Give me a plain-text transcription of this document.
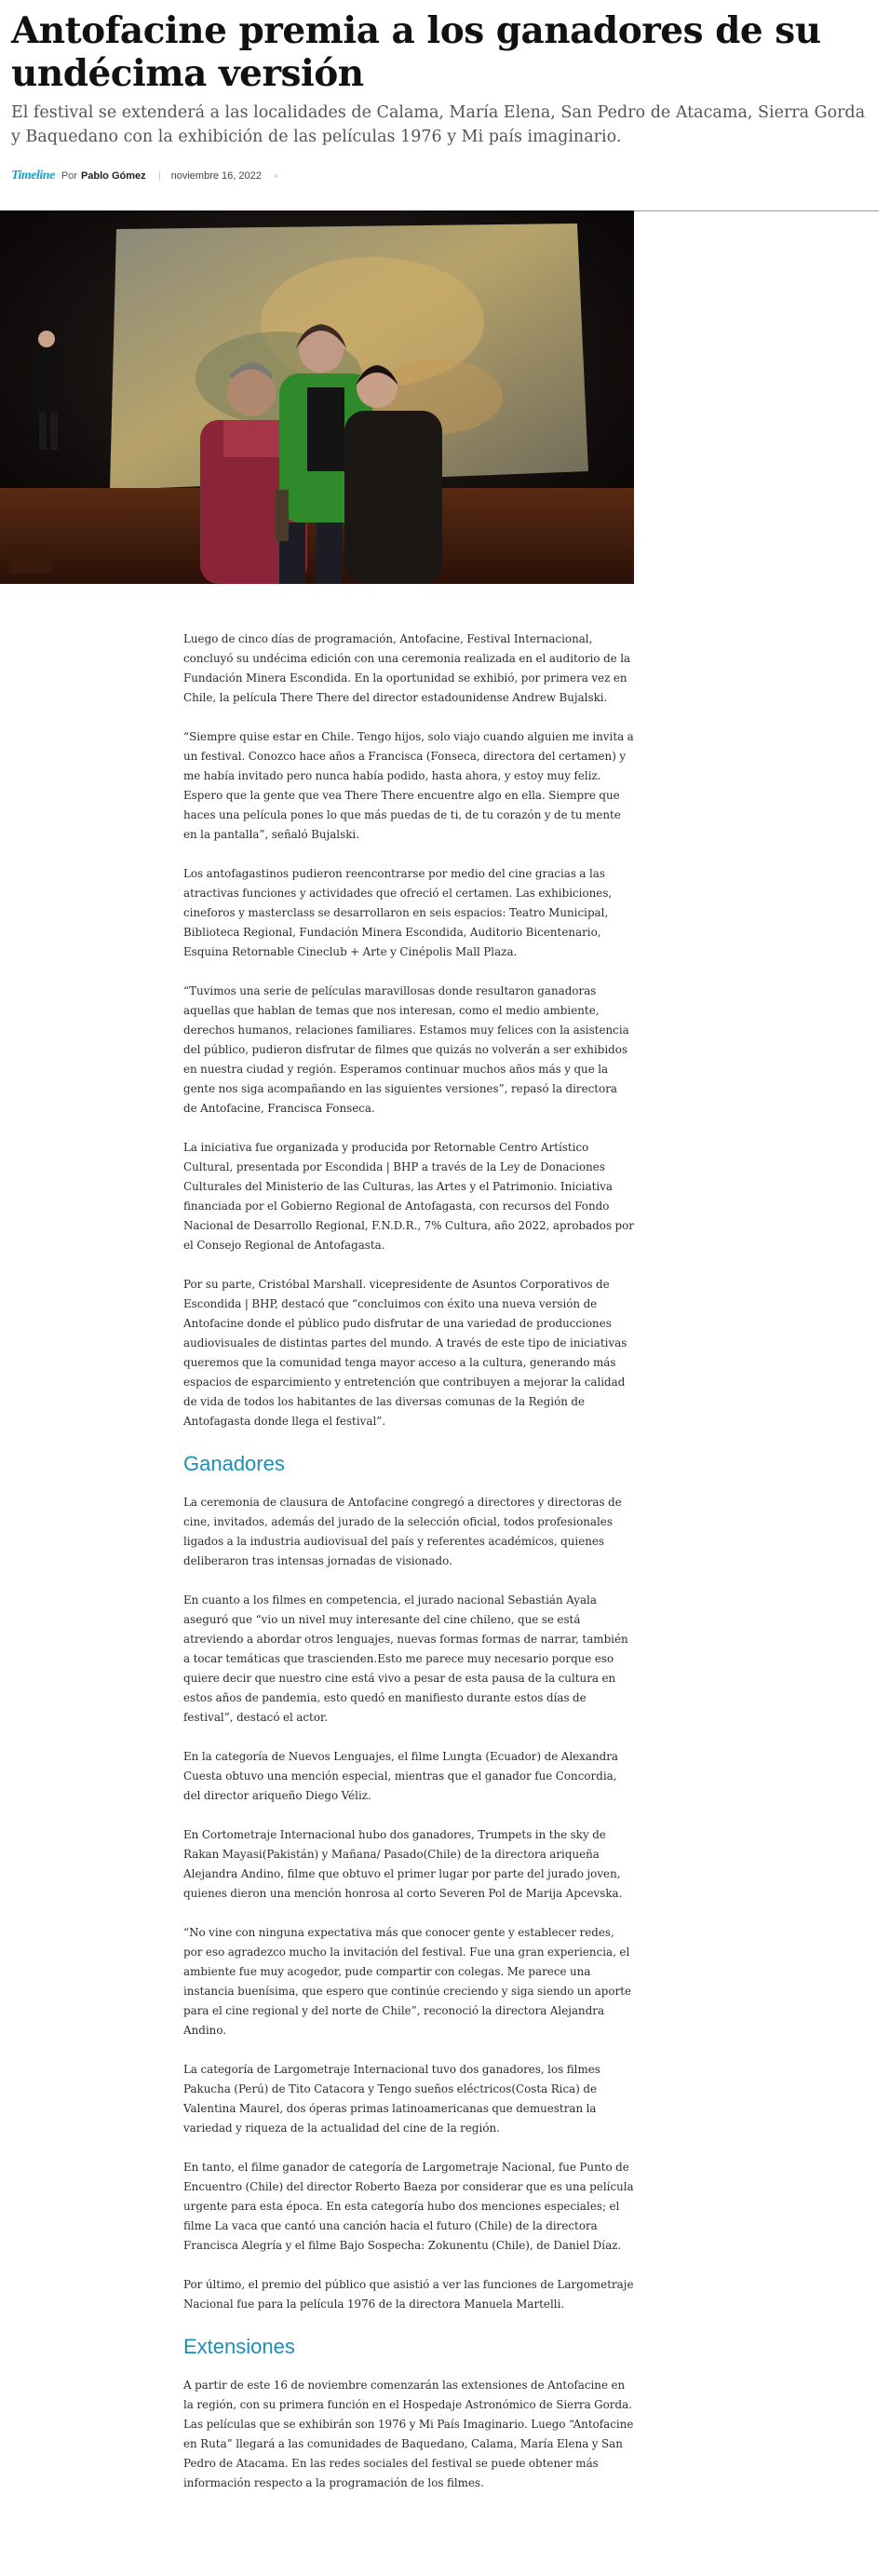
Antofacine premia a los ganadores de su undécima versión

El festival se extenderá a las localidades de Calama, María Elena, San Pedro de Atacama, Sierra Gorda y Baquedano con la exhibición de las películas 1976 y Mi país imaginario.

Timeline Por Pablo Gómez noviembre 16, 2022

Luego de cinco días de programación, Antofacine, Festival Internacional, concluyó su undécima edición con una ceremonia realizada en el auditorio de la Fundación Minera Escondida. En la oportunidad se exhibió, por primera vez en Chile, la película There There del director estadounidense Andrew Bujalski.

“Siempre quise estar en Chile. Tengo hijos, solo viajo cuando alguien me invita a un festival. Conozco hace años a Francisca (Fonseca, directora del certamen) y me había invitado pero nunca había podido, hasta ahora, y estoy muy feliz. Espero que la gente que vea There There encuentre algo en ella. Siempre que haces una película pones lo que más puedas de ti, de tu corazón y de tu mente en la pantalla”, señaló Bujalski.

Los antofagastinos pudieron reencontrarse por medio del cine gracias a las atractivas funciones y actividades que ofreció el certamen. Las exhibiciones, cineforos y masterclass se desarrollaron en seis espacios: Teatro Municipal, Biblioteca Regional, Fundación Minera Escondida, Auditorio Bicentenario, Esquina Retornable Cineclub + Arte y Cinépolis Mall Plaza.

“Tuvimos una serie de películas maravillosas donde resultaron ganadoras aquellas que hablan de temas que nos interesan, como el medio ambiente, derechos humanos, relaciones familiares. Estamos muy felices con la asistencia del público, pudieron disfrutar de filmes que quizás no volverán a ser exhibidos en nuestra ciudad y región. Esperamos continuar muchos años más y que la gente nos siga acompañando en las siguientes versiones”, repasó la directora de Antofacine, Francisca Fonseca.

La iniciativa fue organizada y producida por Retornable Centro Artístico Cultural, presentada por Escondida | BHP a través de la Ley de Donaciones Culturales del Ministerio de las Culturas, las Artes y el Patrimonio. Iniciativa financiada por el Gobierno Regional de Antofagasta, con recursos del Fondo Nacional de Desarrollo Regional, F.N.D.R., 7% Cultura, año 2022, aprobados por el Consejo Regional de Antofagasta.

Por su parte, Cristóbal Marshall. vicepresidente de Asuntos Corporativos de Escondida | BHP, destacó que “concluimos con éxito una nueva versión de Antofacine donde el público pudo disfrutar de una variedad de producciones audiovisuales de distintas partes del mundo. A través de este tipo de iniciativas queremos que la comunidad tenga mayor acceso a la cultura, generando más espacios de esparcimiento y entretención que contribuyen a mejorar la calidad de vida de todos los habitantes de las diversas comunas de la Región de Antofagasta donde llega el festival”.

Ganadores

La ceremonia de clausura de Antofacine congregó a directores y directoras de cine, invitados, además del jurado de la selección oficial, todos profesionales ligados a la industria audiovisual del país y referentes académicos, quienes deliberaron tras intensas jornadas de visionado.

En cuanto a los filmes en competencia, el jurado nacional Sebastián Ayala aseguró que “vio un nivel muy interesante del cine chileno, que se está atreviendo a abordar otros lenguajes, nuevas formas formas de narrar, también a tocar temáticas que trascienden.Esto me parece muy necesario porque eso quiere decir que nuestro cine está vivo a pesar de esta pausa de la cultura en estos años de pandemia, esto quedó en manifiesto durante estos días de festival”, destacó el actor.

En la categoría de Nuevos Lenguajes, el filme Lungta (Ecuador) de Alexandra Cuesta obtuvo una mención especial, mientras que el ganador fue Concordia, del director ariqueño Diego Véliz.

En Cortometraje Internacional hubo dos ganadores, Trumpets in the sky de Rakan Mayasi(Pakistán) y Mañana/ Pasado(Chile) de la directora ariqueña Alejandra Andino, filme que obtuvo el primer lugar por parte del jurado joven, quienes dieron una mención honrosa al corto Severen Pol de Marija Apcevska.

“No vine con ninguna expectativa más que conocer gente y establecer redes, por eso agradezco mucho la invitación del festival. Fue una gran experiencia, el ambiente fue muy acogedor, pude compartir con colegas. Me parece una instancia buenísima, que espero que continúe creciendo y siga siendo un aporte para el cine regional y del norte de Chile”, reconoció la directora Alejandra Andino.

La categoría de Largometraje Internacional tuvo dos ganadores, los filmes Pakucha (Perú) de Tito Catacora y Tengo sueños eléctricos(Costa Rica) de Valentina Maurel, dos óperas primas latinoamericanas que demuestran la variedad y riqueza de la actualidad del cine de la región.

En tanto, el filme ganador de categoría de Largometraje Nacional, fue Punto de Encuentro (Chile) del director Roberto Baeza por considerar que es una película urgente para esta época. En esta categoría hubo dos menciones especiales; el filme La vaca que cantó una canción hacia el futuro (Chile) de la directora Francisca Alegría y el filme Bajo Sospecha: Zokunentu (Chile), de Daniel Díaz.

Por último, el premio del público que asistió a ver las funciones de Largometraje Nacional fue para la película 1976 de la directora Manuela Martelli.

Extensiones

A partir de este 16 de noviembre comenzarán las extensiones de Antofacine en la región, con su primera función en el Hospedaje Astronómico de Sierra Gorda. Las películas que se exhibirán son 1976 y Mi País Imaginario. Luego “Antofacine en Ruta” llegará a las comunidades de Baquedano, Calama, María Elena y San Pedro de Atacama. En las redes sociales del festival se puede obtener más información respecto a la programación de los filmes.
